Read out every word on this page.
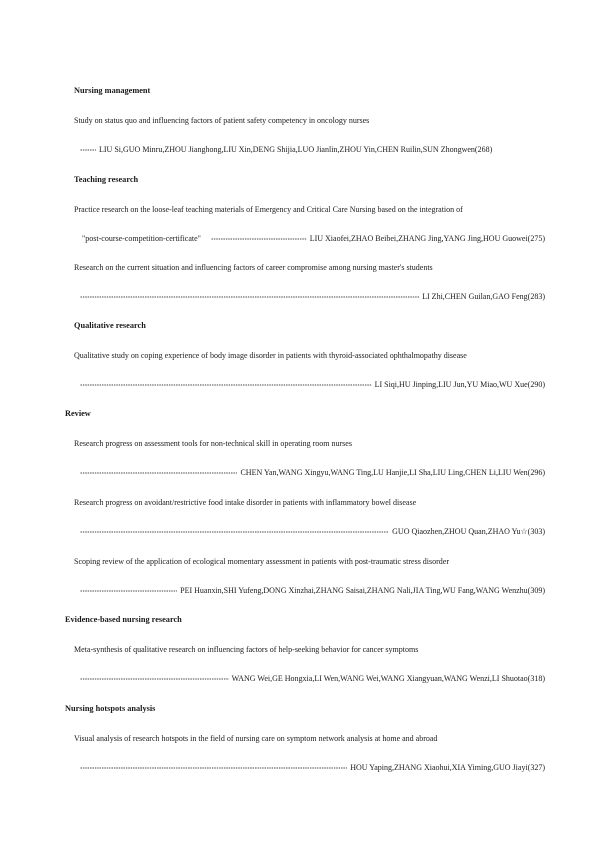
Nursing management
Study on status quo and influencing factors of patient safety competency in oncology nurses
LIU Si,GUO Minru,ZHOU Jianghong,LIU Xin,DENG Shijia,LUO Jianlin,ZHOU Yin,CHEN Ruilin,SUN Zhongwen(268)
Teaching research
Practice research on the loose-leaf teaching materials of Emergency and Critical Care Nursing based on the integration of
"post-course-competition-certificate"	LIU Xiaofei,ZHAO Beibei,ZHANG Jing,YANG Jing,HOU Guowei(275)
Research on the current situation and influencing factors of career compromise among nursing master's students
LI Zhi,CHEN Guilan,GAO Feng(283)
Qualitative research
Qualitative study on coping experience of body image disorder in patients with thyroid-associated ophthalmopathy disease
LI Siqi,HU Jinping,LIU Jun,YU Miao,WU Xue(290)
Review
Research progress on assessment tools for non-technical skill in operating room nurses
CHEN Yan,WANG Xingyu,WANG Ting,LU Hanjie,LI Sha,LIU Ling,CHEN Li,LIU Wen(296)
Research progress on avoidant/restrictive food intake disorder in patients with inflammatory bowel disease
GUO Qiaozhen,ZHOU Quan,ZHAO Yu☆(303)
Scoping review of the application of ecological momentary assessment in patients with post-traumatic stress disorder
PEI Huanxin,SHI Yufeng,DONG Xinzhai,ZHANG Saisai,ZHANG Nali,JIA Ting,WU Fang,WANG Wenzhu(309)
Evidence-based nursing research
Meta-synthesis of qualitative research on influencing factors of help-seeking behavior for cancer symptoms
WANG Wei,GE Hongxia,LI Wen,WANG Wei,WANG Xiangyuan,WANG Wenzi,LI Shuotao(318)
Nursing hotspots analysis
Visual analysis of research hotspots in the field of nursing care on symptom network analysis at home and abroad
HOU Yaping,ZHANG Xiaohui,XIA Yiming,GUO Jiayi(327)
